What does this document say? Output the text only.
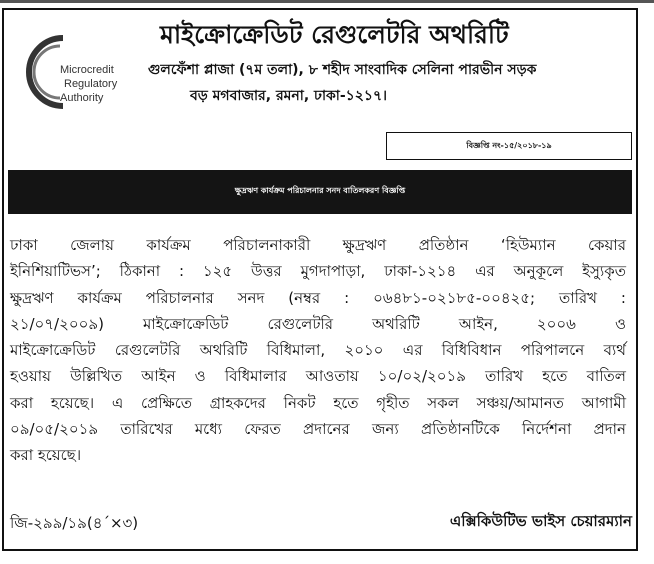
Microcredit
Regulatory
Authority
মাইক্রোক্রেডিট রেগুলেটরি অথরিটি
গুলফেঁশা প্লাজা (৭ম তলা), ৮ শহীদ সাংবাদিক সেলিনা পারভীন সড়ক
বড় মগবাজার, রমনা, ঢাকা-১২১৭।
বিজ্ঞপ্তি নং-১৫/২০১৮-১৯
ক্ষুদ্রঋণ কার্যক্রম পরিচালনার সনদ বাতিলকরণ বিজ্ঞপ্তি
ঢাকা জেলায় কার্যক্রম পরিচালনাকারী ক্ষুদ্রঋণ প্রতিষ্ঠান ‘হিউম্যান কেয়ার
ইনিশিয়াটিভস’; ঠিকানা : ১২৫ উত্তর মুগদাপাড়া, ঢাকা-১২১৪ এর অনুকূলে ইস্যুকৃত
ক্ষুদ্রঋণ কার্যক্রম পরিচালনার সনদ (নম্বর : ০৬৪৮১-০২১৮৫-০০৪২৫; তারিখ :
২১/০৭/২০০৯) মাইক্রোক্রেডিট রেগুলেটরি অথরিটি আইন, ২০০৬ ও
মাইক্রোক্রেডিট রেগুলেটরি অথরিটি বিধিমালা, ২০১০ এর বিধিবিধান পরিপালনে ব্যর্থ
হওয়ায় উল্লিখিত আইন ও বিধিমালার আওতায় ১০/০২/২০১৯ তারিখ হতে বাতিল
করা হয়েছে। এ প্রেক্ষিতে গ্রাহকদের নিকট হতে গৃহীত সকল সঞ্চয়/আমানত আগামী
০৯/০৫/২০১৯ তারিখের মধ্যে ফেরত প্রদানের জন্য প্রতিষ্ঠানটিকে নির্দেশনা প্রদান
করা হয়েছে।
জি-২৯৯/১৯(৪´×৩)	এক্সিকিউটিভ ভাইস চেয়ারম্যান
